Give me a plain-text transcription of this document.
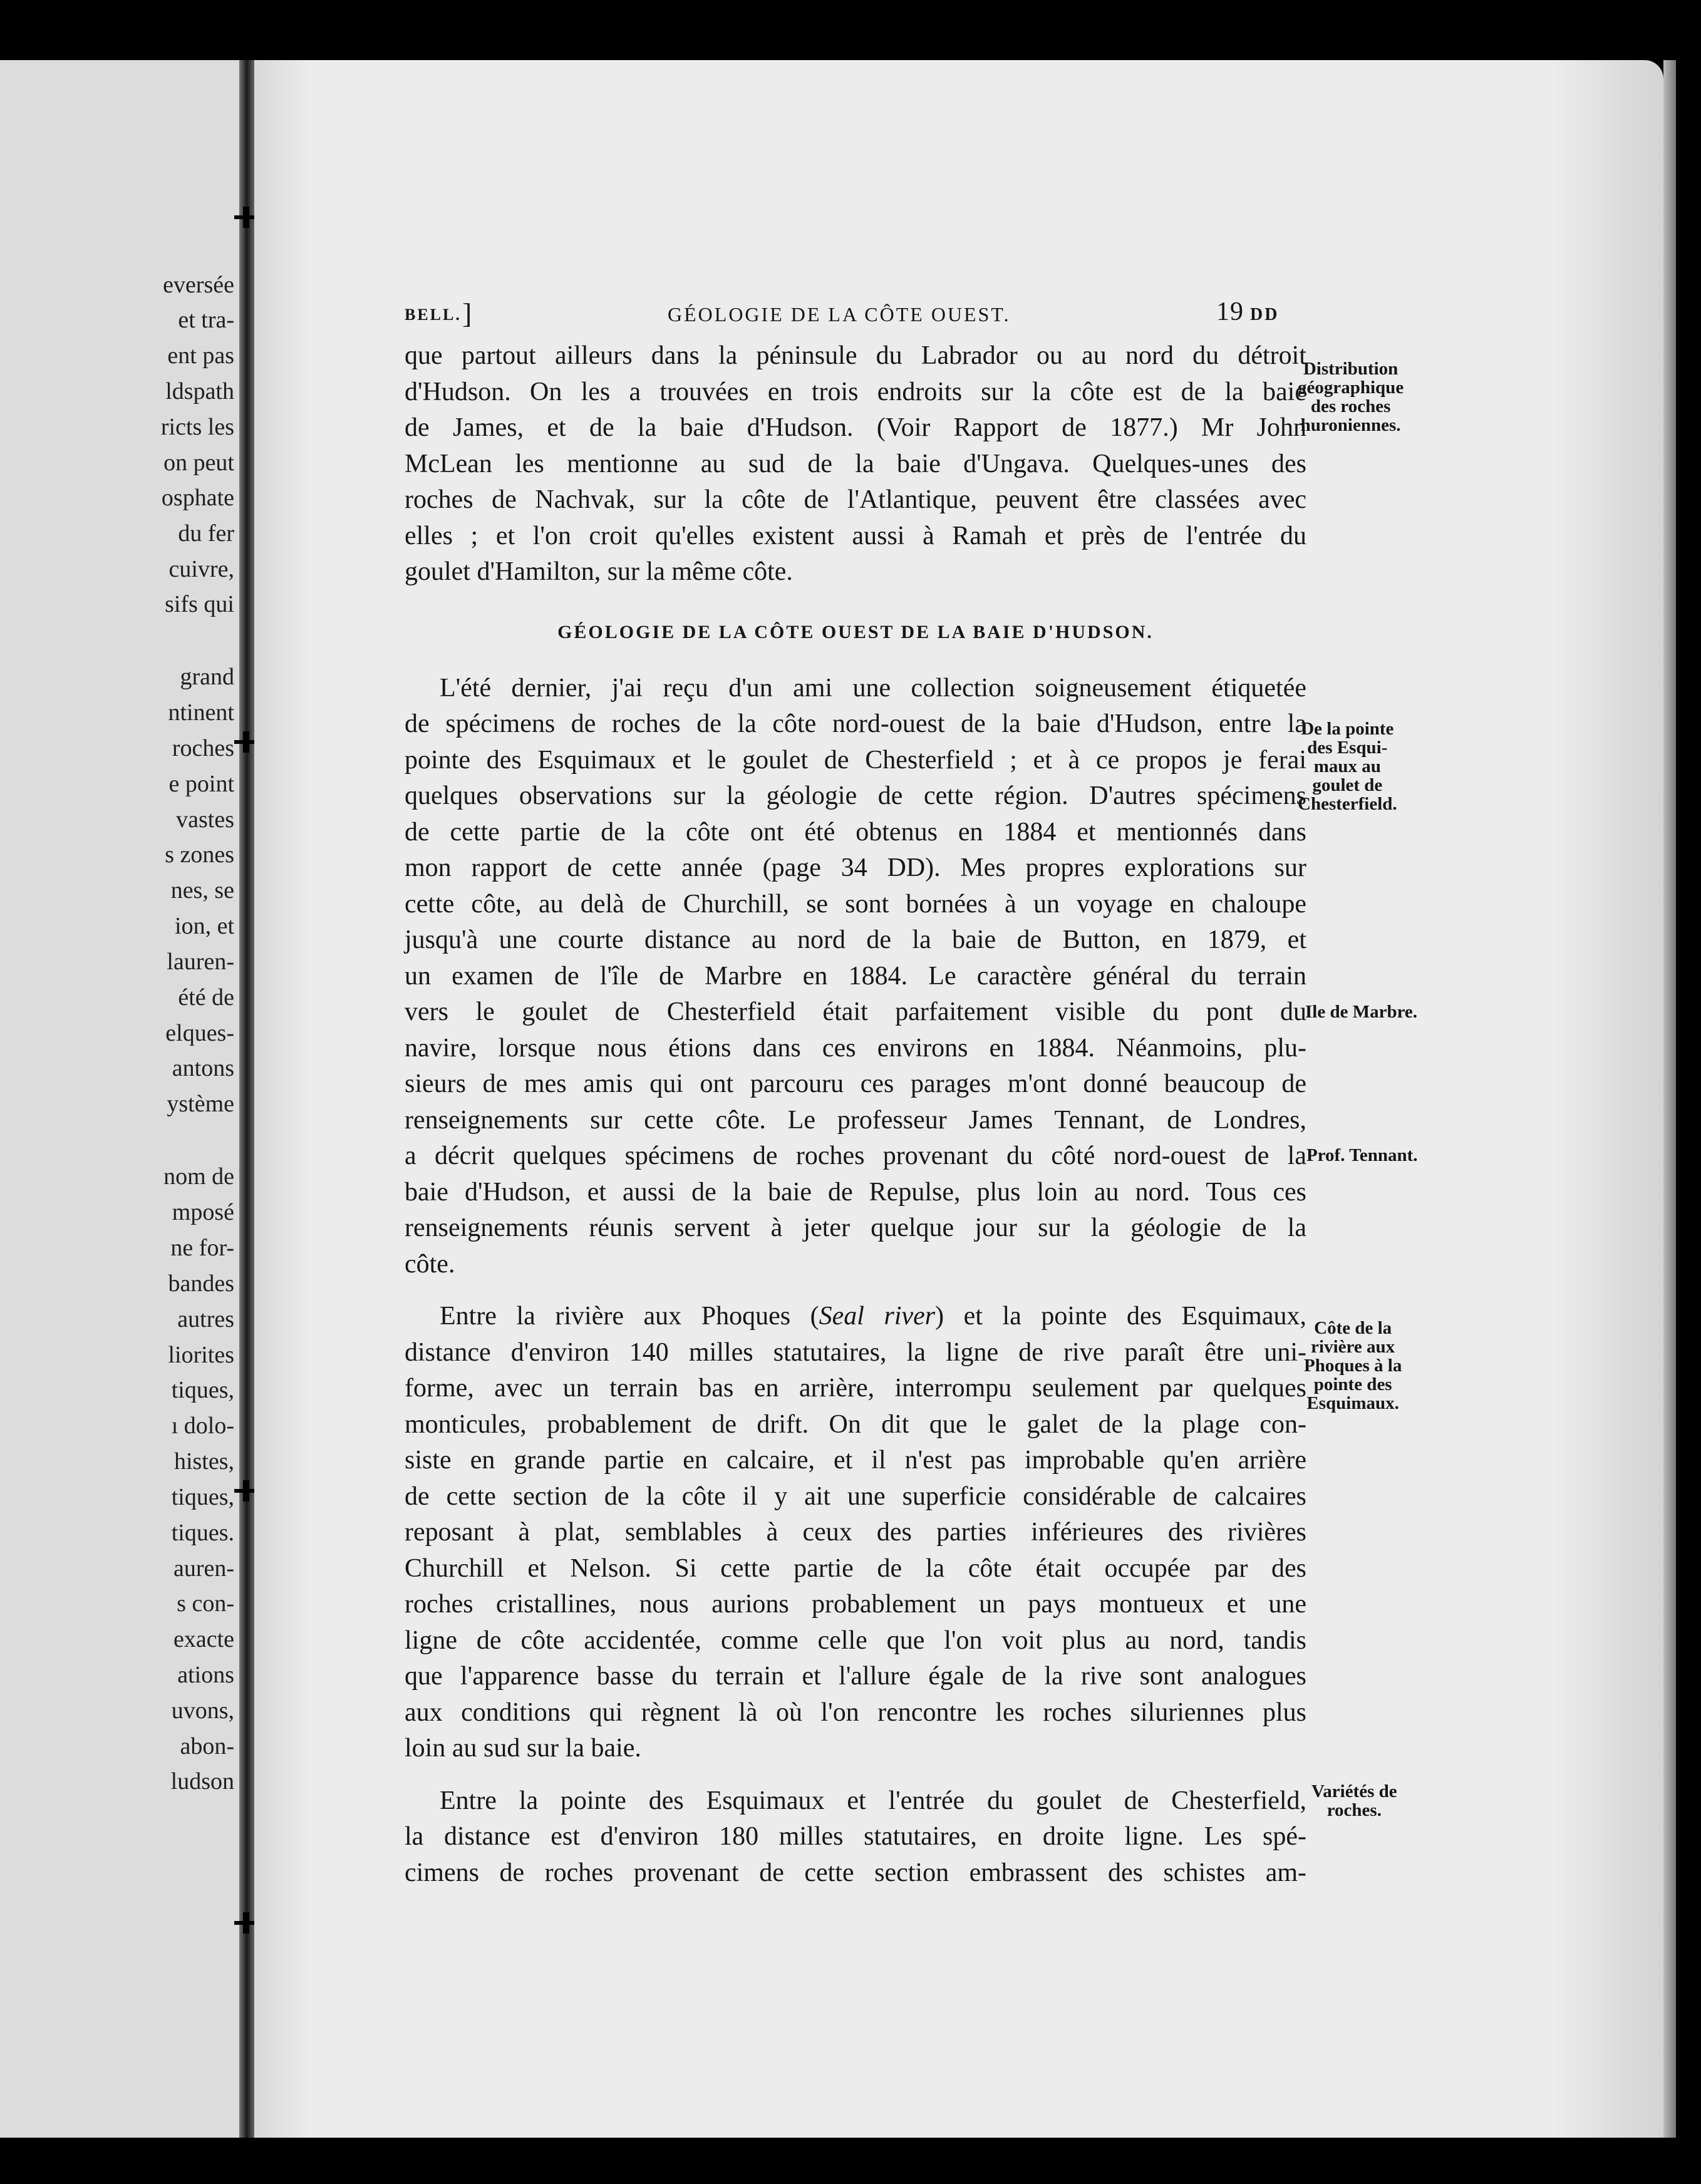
eversée
et tra-
ent pas
ldspath
ricts les
on peut
osphate
du fer
cuivre,
sifs qui
grand
ntinent
roches
e point
vastes
s zones
nes, se
ion, et
lauren-
été de
elques-
antons
ystème
nom de
mposé
ne for-
bandes
autres
liorites
tiques,
ı dolo-
histes,
tiques,
tiques.
auren-
s con-
exacte
ations
uvons,
abon-
ludson
BELL. ]	GÉOLOGIE DE LA CÔTE OUEST.	19 DD
que partout ailleurs dans la péninsule du Labrador ou au nord du détroit
d'Hudson. On les a trouvées en trois endroits sur la côte est de la baie
de James, et de la baie d'Hudson. (Voir Rapport de 1877.) Mr John
McLean les mentionne au sud de la baie d'Ungava. Quelques-unes des
roches de Nachvak, sur la côte de l'Atlantique, peuvent être classées avec
elles ; et l'on croit qu'elles existent aussi à Ramah et près de l'entrée du
goulet d'Hamilton, sur la même côte.
GÉOLOGIE DE LA CÔTE OUEST DE LA BAIE D'HUDSON.
L'été dernier, j'ai reçu d'un ami une collection soigneusement étiquetée
de spécimens de roches de la côte nord-ouest de la baie d'Hudson, entre la
pointe des Esquimaux et le goulet de Chesterfield ; et à ce propos je ferai
quelques observations sur la géologie de cette région. D'autres spécimens
de cette partie de la côte ont été obtenus en 1884 et mentionnés dans
mon rapport de cette année (page 34 DD). Mes propres explorations sur
cette côte, au delà de Churchill, se sont bornées à un voyage en chaloupe
jusqu'à une courte distance au nord de la baie de Button, en 1879, et
un examen de l'île de Marbre en 1884. Le caractère général du terrain
vers le goulet de Chesterfield était parfaitement visible du pont du
navire, lorsque nous étions dans ces environs en 1884. Néanmoins, plu-
sieurs de mes amis qui ont parcouru ces parages m'ont donné beaucoup de
renseignements sur cette côte. Le professeur James Tennant, de Londres,
a décrit quelques spécimens de roches provenant du côté nord-ouest de la
baie d'Hudson, et aussi de la baie de Repulse, plus loin au nord. Tous ces
renseignements réunis servent à jeter quelque jour sur la géologie de la
côte.
Entre la rivière aux Phoques (Seal river) et la pointe des Esquimaux,
distance d'environ 140 milles statutaires, la ligne de rive paraît être uni-
forme, avec un terrain bas en arrière, interrompu seulement par quelques
monticules, probablement de drift. On dit que le galet de la plage con-
siste en grande partie en calcaire, et il n'est pas improbable qu'en arrière
de cette section de la côte il y ait une superficie considérable de calcaires
reposant à plat, semblables à ceux des parties inférieures des rivières
Churchill et Nelson. Si cette partie de la côte était occupée par des
roches cristallines, nous aurions probablement un pays montueux et une
ligne de côte accidentée, comme celle que l'on voit plus au nord, tandis
que l'apparence basse du terrain et l'allure égale de la rive sont analogues
aux conditions qui règnent là où l'on rencontre les roches siluriennes plus
loin au sud sur la baie.
Entre la pointe des Esquimaux et l'entrée du goulet de Chesterfield,
la distance est d'environ 180 milles statutaires, en droite ligne. Les spé-
cimens de roches provenant de cette section embrassent des schistes am-
Distribution
géographique
des roches
huroniennes.
De la pointe
des Esqui-
maux au
goulet de
Chesterfield.
Ile de Marbre.
Prof. Tennant.
Côte de la
rivière aux
Phoques à la
pointe des
Esquimaux.
Variétés de
roches.
